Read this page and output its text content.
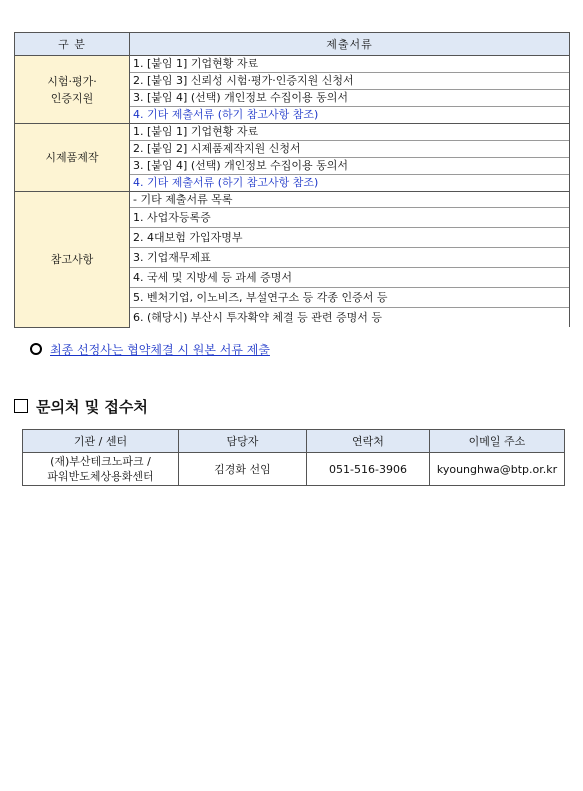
구 분	제출서류
시험·평가·
인증지원	1. [붙임 1] 기업현황 자료
	2. [붙임 3] 신뢰성 시험·평가·인증지원 신청서
	3. [붙임 4] (선택) 개인정보 수집이용 동의서
	4. 기타 제출서류 (하기 참고사항 참조)
시제품제작	1. [붙임 1] 기업현황 자료
	2. [붙임 2] 시제품제작지원 신청서
	3. [붙임 4] (선택) 개인정보 수집이용 동의서
	4. 기타 제출서류 (하기 참고사항 참조)
참고사항	- 기타 제출서류 목록
	1. 사업자등록증
	2. 4대보험 가입자명부
	3. 기업재무제표
	4. 국세 및 지방세 등 과세 증명서
	5. 벤처기업, 이노비즈, 부설연구소 등 각종 인증서 등
	6. (해당시) 부산시 투자확약 체결 등 관련 증명서 등
최종 선정사는 협약체결 시 원본 서류 제출
문의처 및 접수처
기관 / 센터	담당자	연락처	이메일 주소
(재)부산테크노파크 /
파워반도체상용화센터	김경화 선임	051-516-3906	kyounghwa@btp.or.kr
